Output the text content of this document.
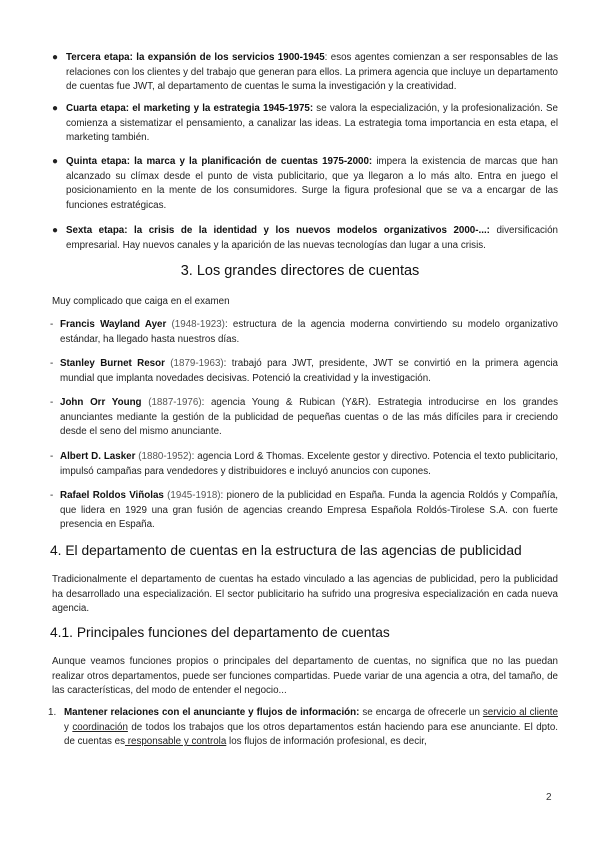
● Tercera etapa: la expansión de los servicios 1900-1945: esos agentes comienzan a ser responsables de las relaciones con los clientes y del trabajo que generan para ellos. La primera agencia que incluye un departamento de cuentas fue JWT, al departamento de cuentas le suma la investigación y la creatividad.
● Cuarta etapa: el marketing y la estrategia 1945-1975: se valora la especialización, y la profesionalización. Se comienza a sistematizar el pensamiento, a canalizar las ideas. La estrategia toma importancia en esta etapa, el marketing también.
● Quinta etapa: la marca y la planificación de cuentas 1975-2000: impera la existencia de marcas que han alcanzado su clímax desde el punto de vista publicitario, que ya llegaron a lo más alto. Entra en juego el posicionamiento en la mente de los consumidores. Surge la figura profesional que se va a encargar de las funciones estratégicas.
● Sexta etapa: la crisis de la identidad y los nuevos modelos organizativos 2000-...: diversificación empresarial. Hay nuevos canales y la aparición de las nuevas tecnologías dan lugar a una crisis.
3. Los grandes directores de cuentas

Muy complicado que caiga en el examen

- Francis Wayland Ayer (1948-1923): estructura de la agencia moderna convirtiendo su modelo organizativo estándar, ha llegado hasta nuestros días.
- Stanley Burnet Resor (1879-1963): trabajó para JWT, presidente, JWT se convirtió en la primera agencia mundial que implanta novedades decisivas. Potenció la creatividad y la investigación.
- John Orr Young (1887-1976): agencia Young & Rubican (Y&R). Estrategia introducirse en los grandes anunciantes mediante la gestión de la publicidad de pequeñas cuentas o de las más difíciles para ir creciendo desde el seno del mismo anunciante.
- Albert D. Lasker (1880-1952): agencia Lord & Thomas. Excelente gestor y directivo. Potencia el texto publicitario, impulsó campañas para vendedores y distribuidores e incluyó anuncios con cupones.
- Rafael Roldos Viñolas (1945-1918): pionero de la publicidad en España. Funda la agencia Roldós y Compañía, que lidera en 1929 una gran fusión de agencias creando Empresa Española Roldós-Tirolese S.A. con fuerte presencia en España.
4. El departamento de cuentas en la estructura de las agencias de publicidad

Tradicionalmente el departamento de cuentas ha estado vinculado a las agencias de publicidad, pero la publicidad ha desarrollado una especialización. El sector publicitario ha sufrido una progresiva especialización en cada nueva agencia.

4.1. Principales funciones del departamento de cuentas

Aunque veamos funciones propios o principales del departamento de cuentas, no significa que no las puedan realizar otros departamentos, puede ser funciones compartidas. Puede variar de una agencia a otra, del tamaño, de las características, del modo de entender el negocio...

1. Mantener relaciones con el anunciante y flujos de información: se encarga de ofrecerle un servicio al cliente y coordinación de todos los trabajos que los otros departamentos están haciendo para ese anunciante. El dpto. de cuentas es responsable y controla los flujos de información profesional, es decir,
2
